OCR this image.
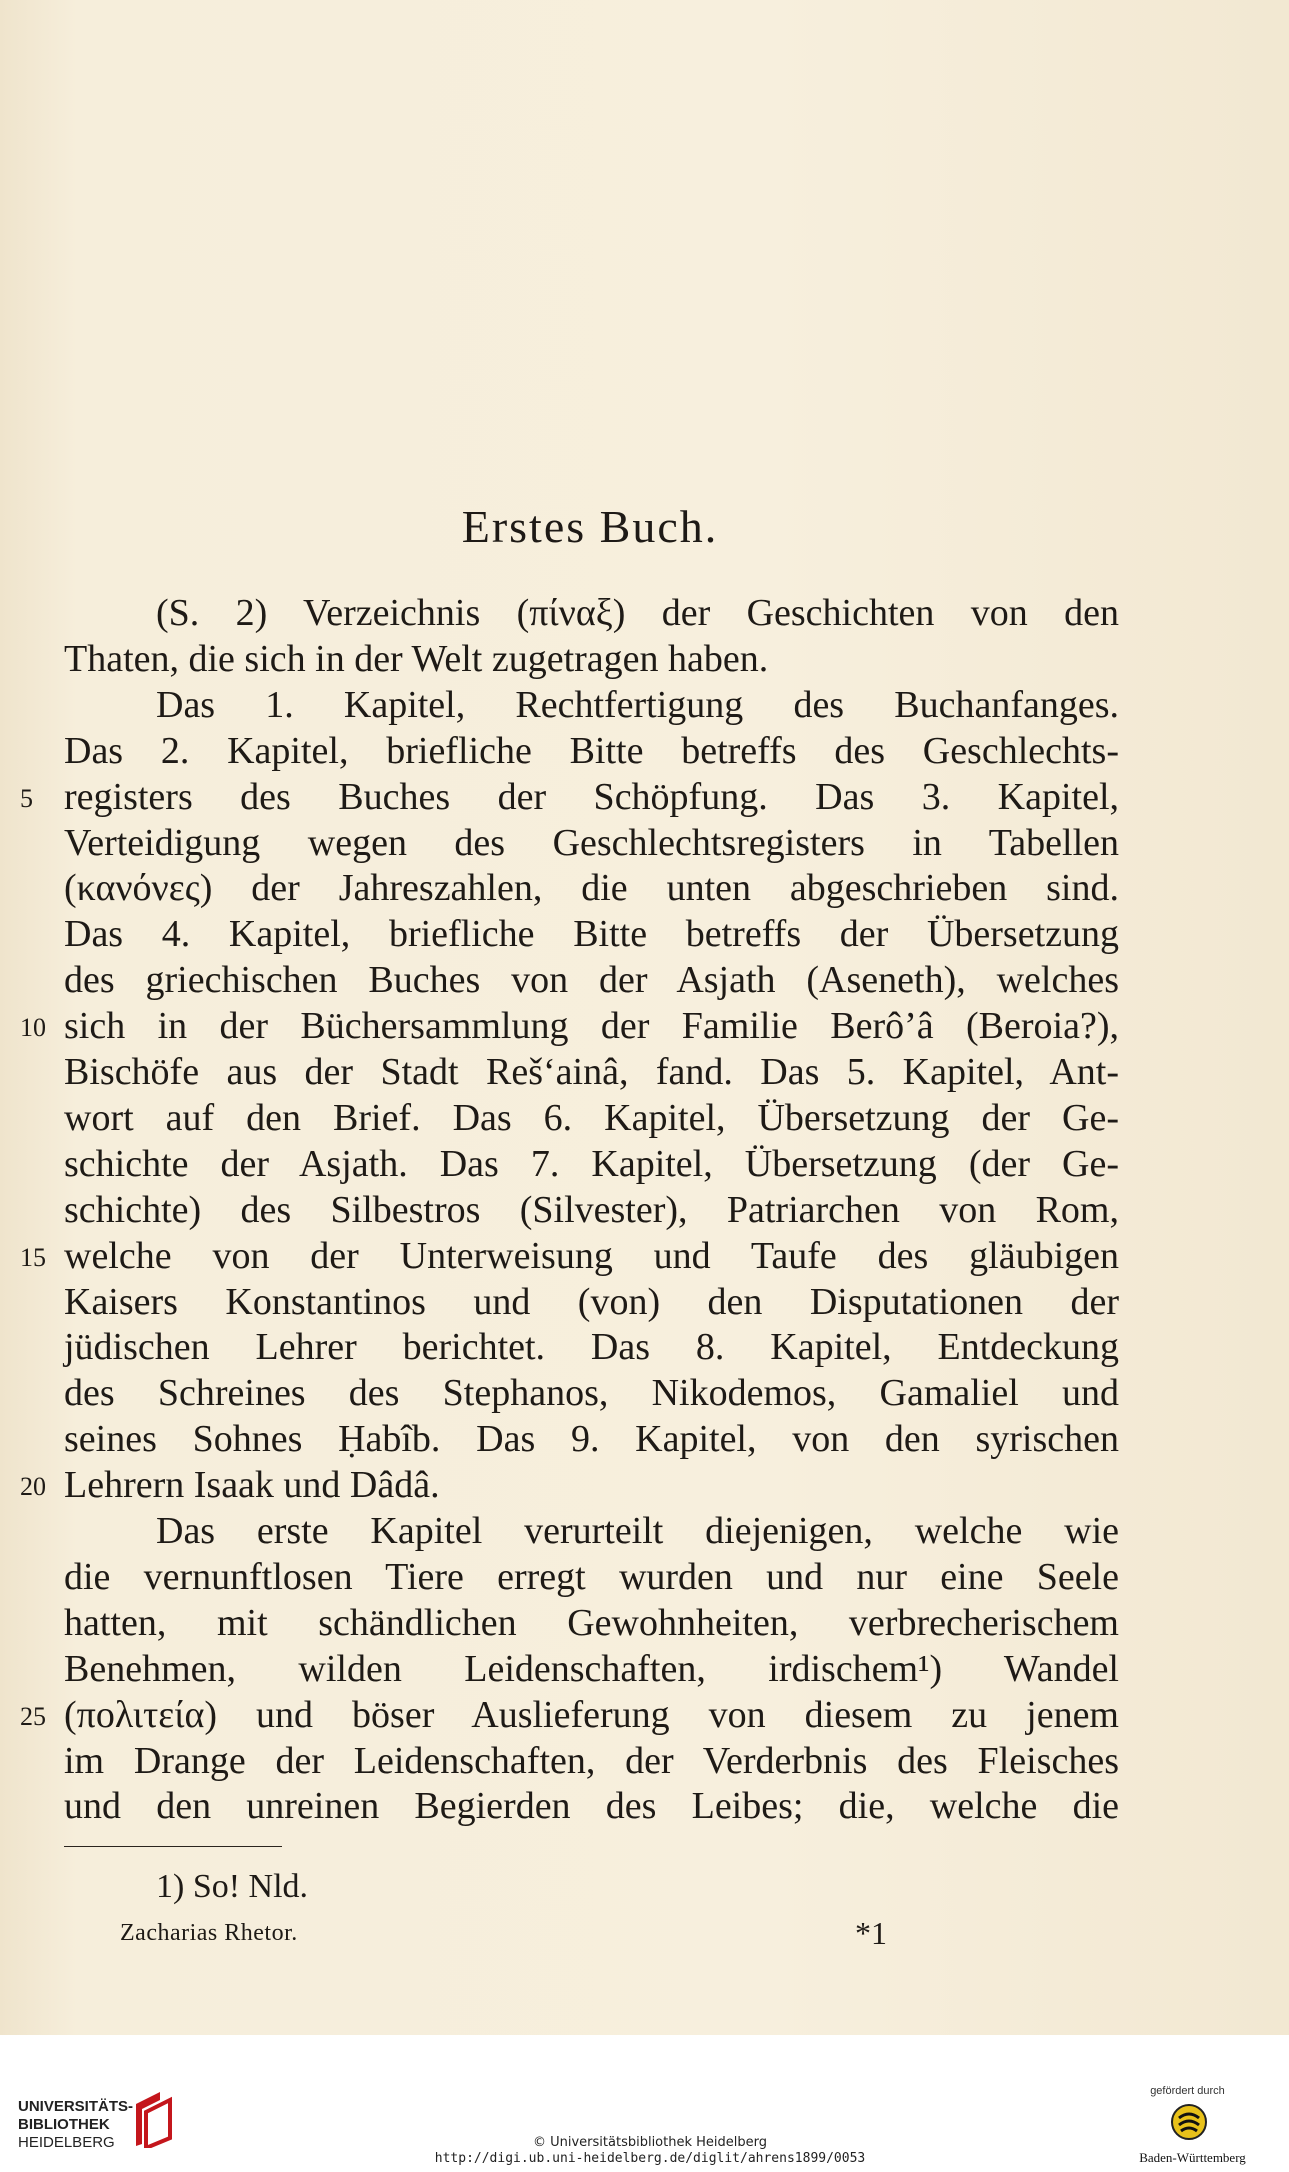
Erstes Buch.
(S. 2) Verzeichnis (πίναξ) der Geschichten von den
Thaten, die sich in der Welt zugetragen haben.
Das 1. Kapitel, Rechtfertigung des Buchanfanges.
Das 2. Kapitel, briefliche Bitte betreffs des Geschlechts-
registers des Buches der Schöpfung. Das 3. Kapitel,
5
Verteidigung wegen des Geschlechtsregisters in Tabellen
(κανόνες) der Jahreszahlen, die unten abgeschrieben sind.
Das 4. Kapitel, briefliche Bitte betreffs der Übersetzung
des griechischen Buches von der Asjath (Aseneth), welches
sich in der Büchersammlung der Familie Berô’â (Beroia?),
10
Bischöfe aus der Stadt Reš‘ainâ, fand. Das 5. Kapitel, Ant-
wort auf den Brief. Das 6. Kapitel, Übersetzung der Ge-
schichte der Asjath. Das 7. Kapitel, Übersetzung (der Ge-
schichte) des Silbestros (Silvester), Patriarchen von Rom,
welche von der Unterweisung und Taufe des gläubigen
15
Kaisers Konstantinos und (von) den Disputationen der
jüdischen Lehrer berichtet. Das 8. Kapitel, Entdeckung
des Schreines des Stephanos, Nikodemos, Gamaliel und
seines Sohnes Ḥabîb. Das 9. Kapitel, von den syrischen
Lehrern Isaak und Dâdâ.
20
Das erste Kapitel verurteilt diejenigen, welche wie
die vernunftlosen Tiere erregt wurden und nur eine Seele
hatten, mit schändlichen Gewohnheiten, verbrecherischem
Benehmen, wilden Leidenschaften, irdischem¹) Wandel
(πολιτεία) und böser Auslieferung von diesem zu jenem
25
im Drange der Leidenschaften, der Verderbnis des Fleisches
und den unreinen Begierden des Leibes; die, welche die
1) So! Nld.
Zacharias Rhetor.	*1
UNIVERSITÄTS-
BIBLIOTHEK
HEIDELBERG	© Universitätsbibliothek Heidelberg
http://digi.ub.uni-heidelberg.de/diglit/ahrens1899/0053
gefördert durch
Baden-Württemberg
